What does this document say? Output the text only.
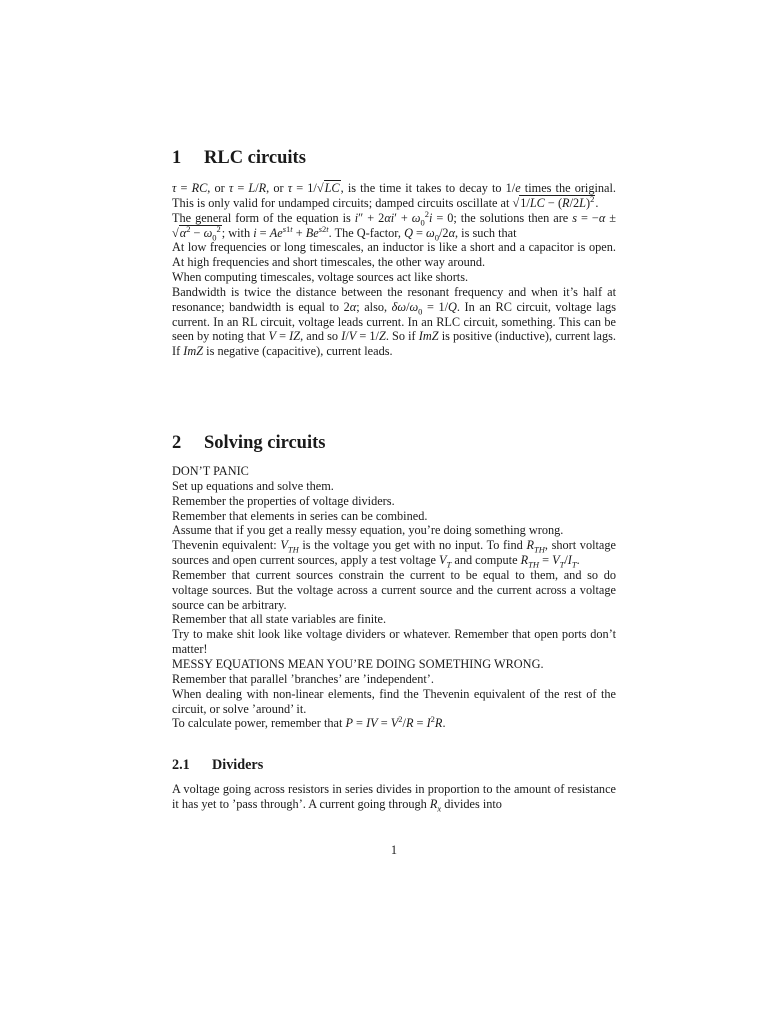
1 RLC circuits

τ = RC, or τ = L/R, or τ = 1/√LC, is the time it takes to decay to 1/e times the original. This is only valid for undamped circuits; damped circuits oscillate at $√1/LC - (R/2L)^2$.

The general form of the equation is $i'' + 2\alpha i' + \omega_0^2i = 0$; the solutions then are $s = -\alpha \pm √\alpha^2 - \omega_0^2$; with $i = Ae^{s1t} + Be^{s2t}$. The Q-factor, $Q = \omega_0/2\alpha$, is such that

At low frequencies or long timescales, an inductor is like a short and a capacitor is open. At high frequencies and short timescales, the other way around.

When computing timescales, voltage sources act like shorts.

Bandwidth is twice the distance between the resonant frequency and when it’s half at resonance; bandwidth is equal to 2α; also, $\delta\omega/\omega_0 = 1/Q$. In an RC circuit, voltage lags current. In an RL circuit, voltage leads current. In an RLC circuit, something. This can be seen by noting that V = IZ, and so I/V = 1/Z. So if ImZ is positive (inductive), current lags. If ImZ is negative (capacitive), current leads.

2 Solving circuits

DON’T PANIC

Set up equations and solve them.

Remember the properties of voltage dividers.

Remember that elements in series can be combined.

Assume that if you get a really messy equation, you’re doing something wrong.

Thevenin equivalent: $V_{TH}$ is the voltage you get with no input. To find $R_{TH}$, short voltage sources and open current sources, apply a test voltage $V_T$ and compute $R_{TH} = V_T/I_T$.

Remember that current sources constrain the current to be equal to them, and so do voltage sources. But the voltage across a current source and the current across a voltage source can be arbitrary.

Remember that all state variables are finite.

Try to make shit look like voltage dividers or whatever. Remember that open ports don’t matter!

MESSY EQUATIONS MEAN YOU’RE DOING SOMETHING WRONG.

Remember that parallel ’branches’ are ’independent’.

When dealing with non-linear elements, find the Thevenin equivalent of the rest of the circuit, or solve ’around’ it.

To calculate power, remember that P = IV = $V^2/R = I^2R$.

2.1 Dividers

A voltage going across resistors in series divides in proportion to the amount of resistance it has yet to ’pass through’. A current going through $R_x$ divides into

1
